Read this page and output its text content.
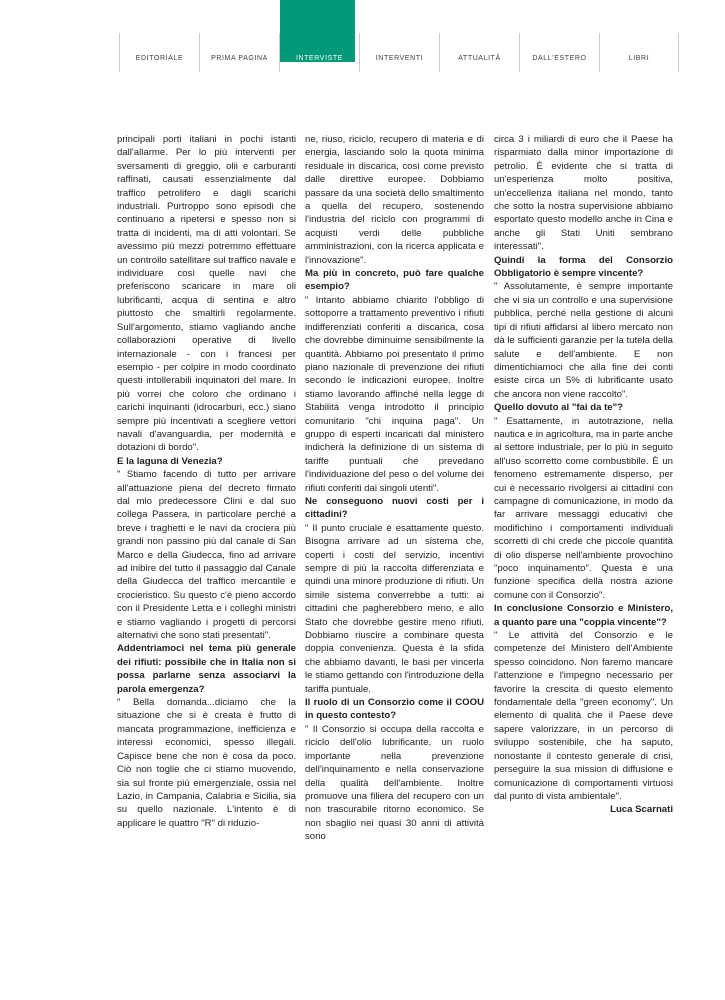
EDITORIALE	PRIMA PAGINA	INTERVISTE	INTERVENTI	ATTUALITÀ	DALL'ESTERO	LIBRI

principali porti italiani in pochi istanti dall'allarme. Per lo più interventi per sversamenti di greggio, olii e carburanti raffinati, causati essenzialmente dal traffico petrolifero e dagli scarichi industriali. Purtroppo sono episodi che continuano a ripetersi e spesso non si tratta di incidenti, ma di atti volontari. Se avessimo più mezzi potremmo effettuare un controllo satellitare sul traffico navale e individuare così quelle navi che preferiscono scaricare in mare oli lubrificanti, acqua di sentina e altro piuttosto che smaltirli regolarmente. Sull'argomento, stiamo vagliando anche collaborazioni operative di livello internazionale - con i francesi per esempio - per colpire in modo coordinato questi intollerabili inquinatori del mare. In più vorrei che coloro che ordinano i carichi inquinanti (idrocarburi, ecc.) siano sempre più incentivati a scegliere vettori navali d'avanguardia, per modernità e dotazioni di bordo".

E la laguna di Venezia?

" Stiamo facendo di tutto per arrivare all'attuazione piena del decreto firmato dal mio predecessore Clini e dal suo collega Passera, in particolare perché a breve i traghetti e le navi da crociera più grandi non passino più dal canale di San Marco e della Giudecca, fino ad arrivare ad inibire del tutto il passaggio dal Canale della Giudecca del traffico mercantile e crocieristico. Su questo c'è pieno accordo con il Presidente Letta e i colleghi ministri e stiamo vagliando i progetti di percorsi alternativi che sono stati presentati".

Addentriamoci nel tema più generale dei rifiuti: possibile che in Italia non si possa parlarne senza associarvi la parola emergenza?

" Bella domanda...diciamo che la situazione che si è creata è frutto di mancata programmazione, inefficienza e interessi economici, spesso illegali. Capisce bene che non è cosa da poco. Ciò non toglie che ci stiamo muovendo, sia sul fronte più emergenziale, ossia nel Lazio, in Campania, Calabria e Sicilia, sia su quello nazionale. L'intento è di applicare le quattro "R" di riduzio-

ne, riuso, riciclo, recupero di materia e di energia, lasciando solo la quota minima residuale in discarica, così come previsto dalle direttive europee. Dobbiamo passare da una società dello smaltimento a quella del recupero, sostenendo l'industria del riciclo con programmi di acquisti verdi delle pubbliche amministrazioni, con la ricerca applicata e l'innovazione".

Ma più in concreto, può fare qualche esempio?

" Intanto abbiamo chiarito l'obbligo di sottoporre a trattamento preventivo i rifiuti indifferenziati conferiti a discarica, cosa che dovrebbe diminuirne sensibilmente la quantità. Abbiamo poi presentato il primo piano nazionale di prevenzione dei rifiuti secondo le indicazioni europee. Inoltre stiamo lavorando affinché nella legge di Stabilità venga introdotto il principio comunitario "chi inquina paga". Un gruppo di esperti incaricati dal ministero indicherà la definizione di un sistema di tariffe puntuali che prevedano l'individuazione del peso o del volume dei rifiuti conferiti dai singoli utenti".

Ne conseguono nuovi costi per i cittadini?

" Il punto cruciale è esattamente questo. Bisogna arrivare ad un sistema che, coperti i costi del servizio, incentivi sempre di più la raccolta differenziata e quindi una minore produzione di rifiuti. Un simile sistema converrebbe a tutti: ai cittadini che pagherebbero meno, e allo Stato che dovrebbe gestire meno rifiuti. Dobbiamo riuscire a combinare questa doppia convenienza. Questa è la sfida che abbiamo davanti, le basi per vincerla le stiamo gettando con l'introduzione della tariffa puntuale.

Il ruolo di un Consorzio come il COOU in questo contesto?

" Il Consorzio si occupa della raccolta e riciclo dell'olio lubrificante, un ruolo importante nella prevenzione dell'inquinamento e nella conservazione della qualità dell'ambiente. Inoltre promuove una filiera del recupero con un non trascurabile ritorno economico. Se non sbaglio nei quasi 30 anni di attività sono

circa 3 i miliardi di euro che il Paese ha risparmiato dalla minor importazione di petrolio. È evidente che si tratta di un'esperienza molto positiva, un'eccellenza italiana nel mondo, tanto che sotto la nostra supervisione abbiamo esportato questo modello anche in Cina e anche gli Stati Uniti sembrano interessati".

Quindi la forma del Consorzio Obbligatorio è sempre vincente?

" Assolutamente, è sempre importante che vi sia un controllo e una supervisione pubblica, perché nella gestione di alcuni tipi di rifiuti affidarsi al libero mercato non dà le sufficienti garanzie per la tutela della salute e dell'ambiente. E non dimentichiamoci che alla fine dei conti esiste circa un 5% di lubrificante usato che ancora non viene raccolto".

Quello dovuto al "fai da te"?

" Esattamente, in autotrazione, nella nautica e in agricoltura, ma in parte anche al settore industriale, per lo più in seguito all'uso scorretto come combustibile. È un fenomeno estremamente disperso, per cui è necessario rivolgersi ai cittadini con campagne di comunicazione, in modo da far arrivare messaggi educativi che modifichino i comportamenti individuali scorretti di chi crede che piccole quantità di olio disperse nell'ambiente provochino "poco inquinamento". Questa è una funzione specifica della nostra azione comune con il Consorzio".

In conclusione Consorzio e Ministero, a quanto pare una "coppia vincente"?

" Le attività del Consorzio e le competenze del Ministero dell'Ambiente spesso coincidono. Non faremo mancare l'attenzione e l'impegno necessario per favorire la crescita di questo elemento fondamentale della "green economy". Un elemento di qualità che il Paese deve sapere valorizzare, in un percorso di sviluppo sostenibile, che ha saputo, nonostante il contesto generale di crisi, perseguire la sua mission di diffusione e comunicazione di comportamenti virtuosi dal punto di vista ambientale".

Luca Scarnati
